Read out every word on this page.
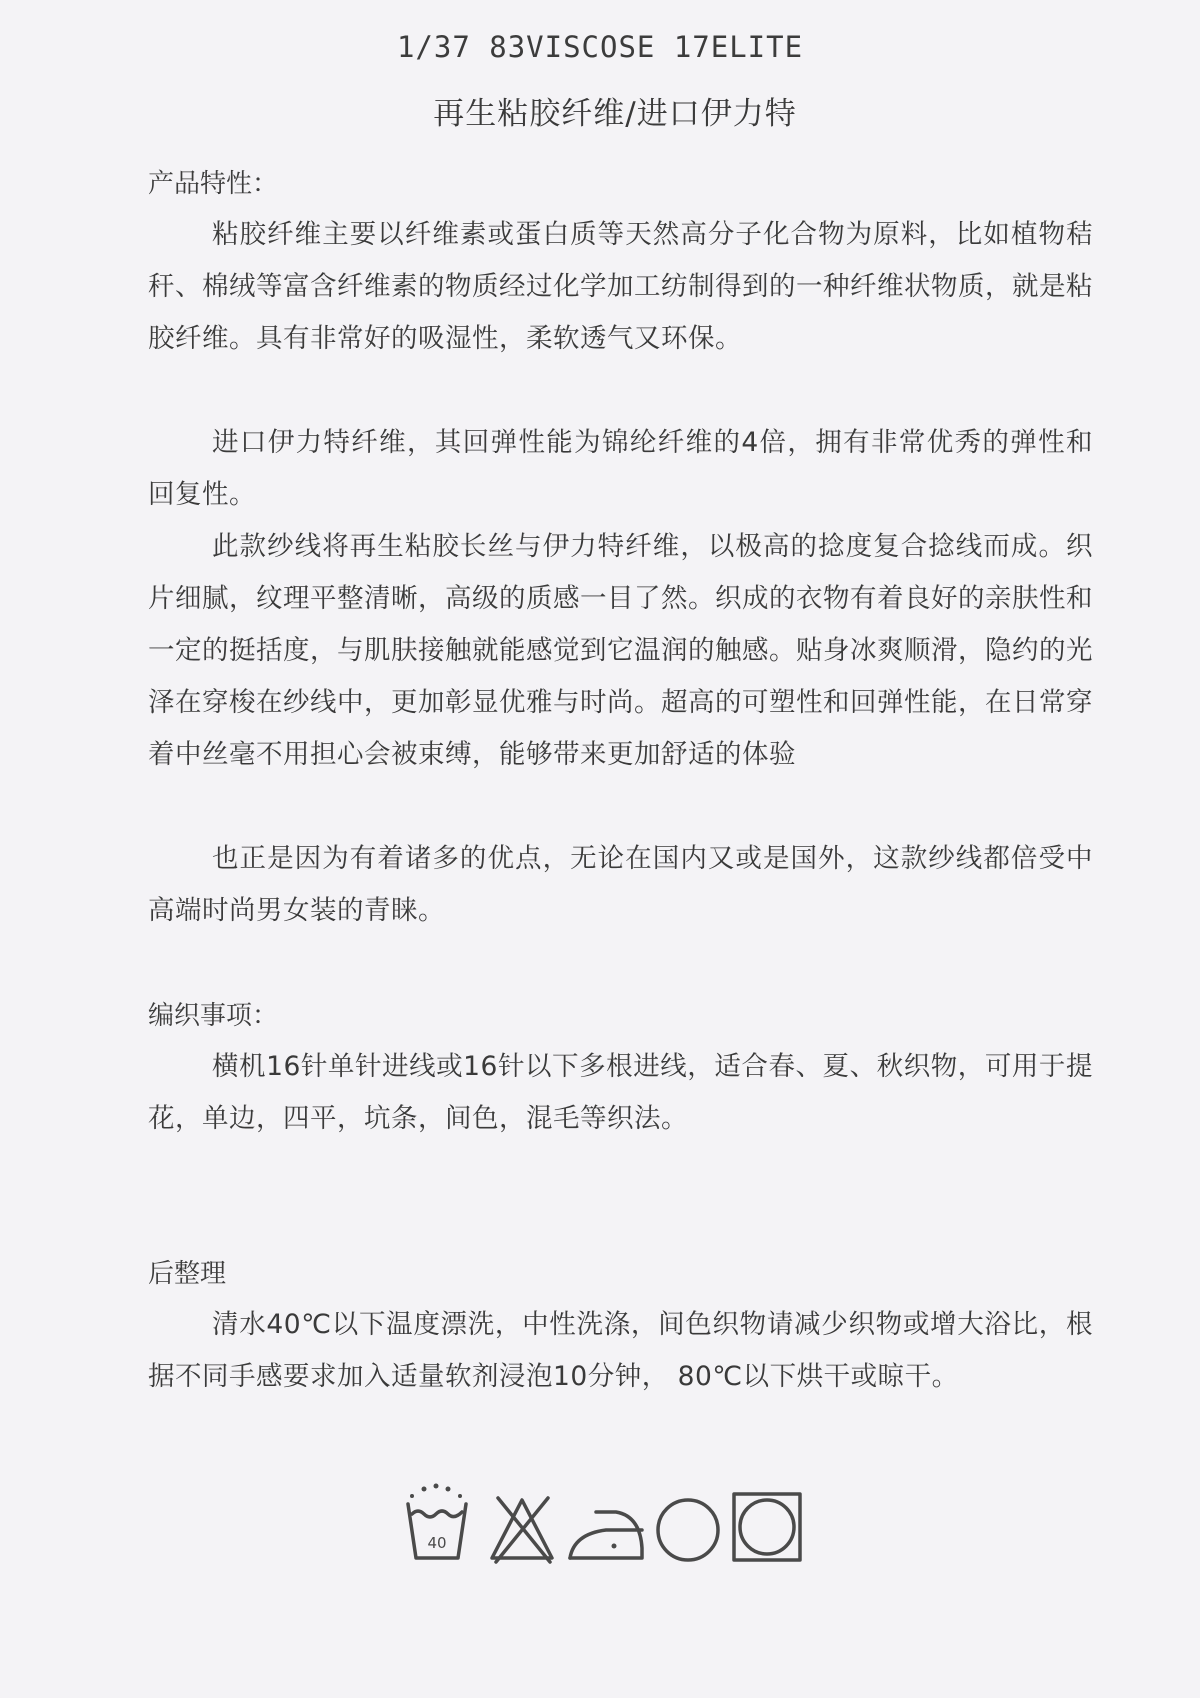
1/37 83VISCOSE 17ELITE
再生粘胶纤维/进口伊力特
产品特性：
粘胶纤维主要以纤维素或蛋白质等天然高分子化合物为原料，比如植物秸秆、棉绒等富含纤维素的物质经过化学加工纺制得到的一种纤维状物质，就是粘胶纤维。具有非常好的吸湿性，柔软透气又环保。
进口伊力特纤维，其回弹性能为锦纶纤维的4倍，拥有非常优秀的弹性和回复性。
此款纱线将再生粘胶长丝与伊力特纤维，以极高的捻度复合捻线而成。织片细腻，纹理平整清晰，高级的质感一目了然。织成的衣物有着良好的亲肤性和一定的挺括度，与肌肤接触就能感觉到它温润的触感。贴身冰爽顺滑，隐约的光泽在穿梭在纱线中，更加彰显优雅与时尚。超高的可塑性和回弹性能，在日常穿着中丝毫不用担心会被束缚，能够带来更加舒适的体验
也正是因为有着诸多的优点，无论在国内又或是国外，这款纱线都倍受中高端时尚男女装的青睐。
编织事项：
横机16针单针进线或16针以下多根进线，适合春、夏、秋织物，可用于提花，单边，四平，坑条，间色，混毛等织法。
后整理
清水40℃以下温度漂洗，中性洗涤，间色织物请减少织物或增大浴比，根据不同手感要求加入适量软剂浸泡10分钟， 80℃以下烘干或晾干。
40
